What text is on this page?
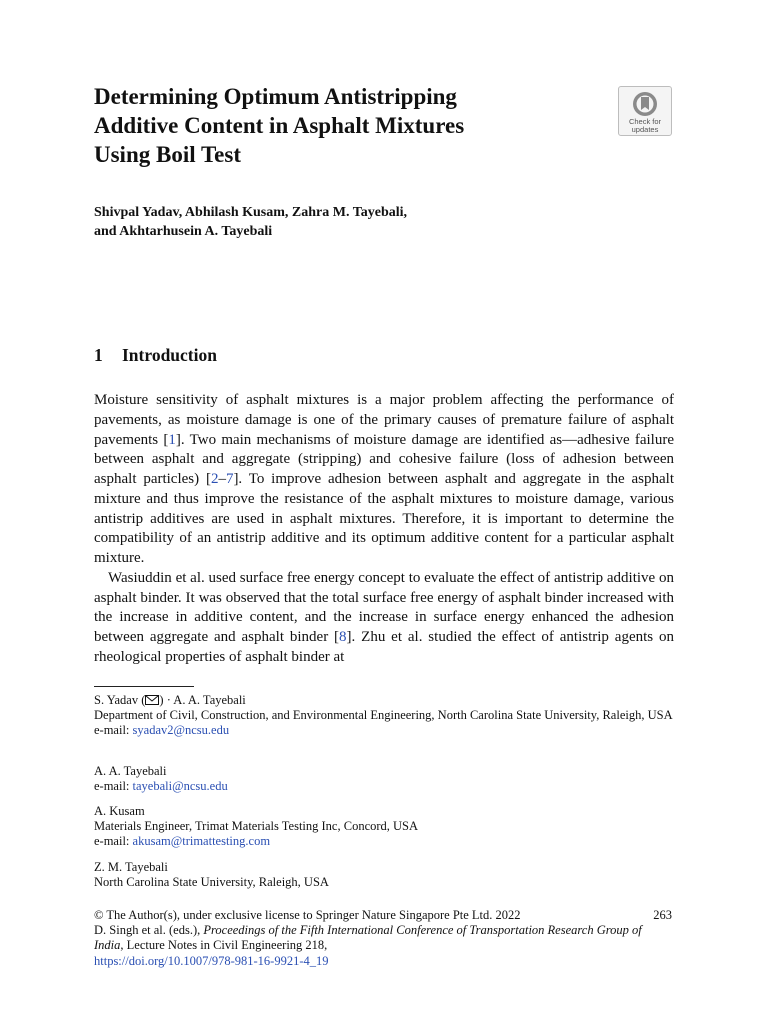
Determining Optimum Antistripping
Additive Content in Asphalt Mixtures
Using Boil Test
Check for
updates
Shivpal Yadav, Abhilash Kusam, Zahra M. Tayebali,
and Akhtarhusein A. Tayebali
1 Introduction

Moisture sensitivity of asphalt mixtures is a major problem affecting the performance of pavements, as moisture damage is one of the primary causes of premature failure of asphalt pavements [1]. Two main mechanisms of moisture damage are identified as—adhesive failure between asphalt and aggregate (stripping) and cohesive failure (loss of adhesion between asphalt particles) [2–7]. To improve adhesion between asphalt and aggregate in the asphalt mixture and thus improve the resistance of the asphalt mixtures to moisture damage, various antistrip additives are used in asphalt mixtures. Therefore, it is important to determine the compatibility of an antistrip additive and its optimum additive content for a particular asphalt mixture.

Wasiuddin et al. used surface free energy concept to evaluate the effect of antistrip additive on asphalt binder. It was observed that the total surface free energy of asphalt binder increased with the increase in additive content, and the increase in surface energy enhanced the adhesion between aggregate and asphalt binder [8]. Zhu et al. studied the effect of antistrip agents on rheological properties of asphalt binder at

S. Yadav ( ) · A. A. Tayebali
Department of Civil, Construction, and Environmental Engineering, North Carolina State University, Raleigh, USA
e-mail: syadav2@ncsu.edu
A. A. Tayebali
e-mail: tayebali@ncsu.edu
A. Kusam
Materials Engineer, Trimat Materials Testing Inc, Concord, USA
e-mail: akusam@trimattesting.com
Z. M. Tayebali
North Carolina State University, Raleigh, USA
© The Author(s), under exclusive license to Springer Nature Singapore Pte Ltd. 2022	263

D. Singh et al. (eds.), Proceedings of the Fifth International Conference of Transportation Research Group of India, Lecture Notes in Civil Engineering 218,
https://doi.org/10.1007/978-981-16-9921-4_19
